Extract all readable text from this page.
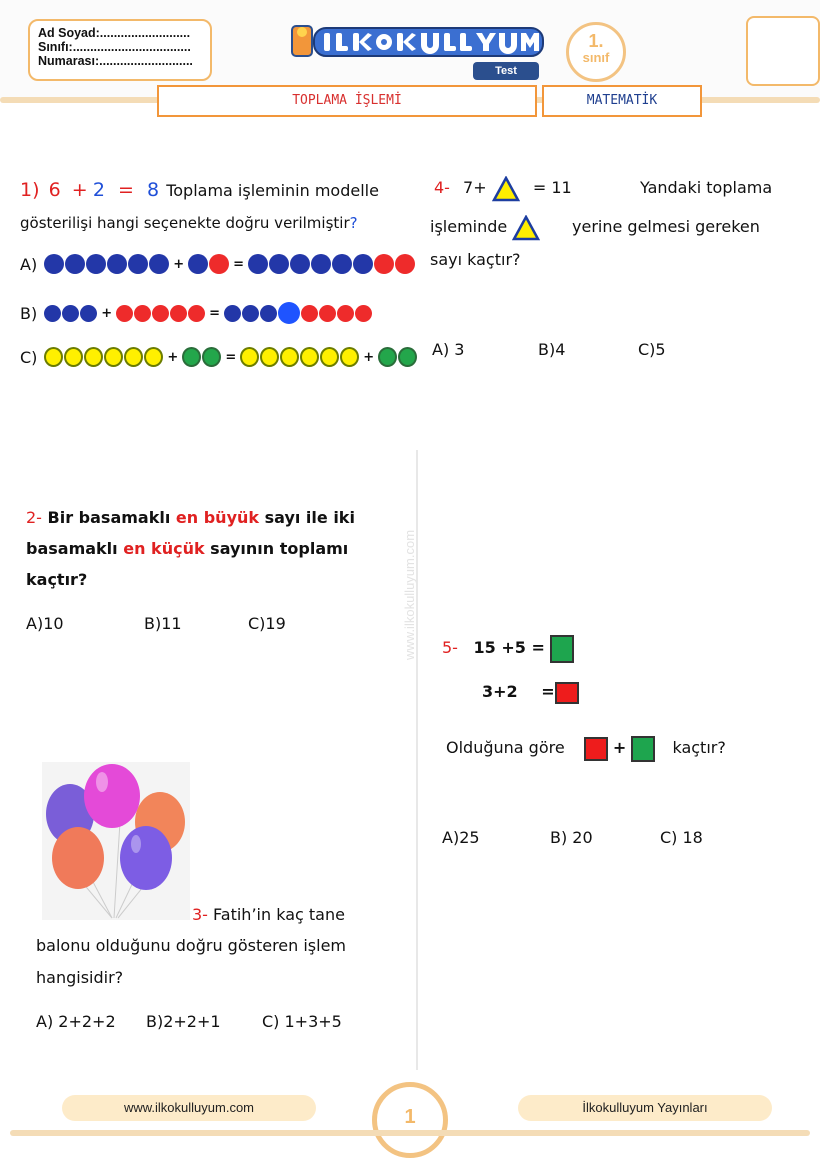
Ad Soyad:..........................
Sınıfı:..................................
Numarası:...........................
Test
1.
sınıf
TOPLAMA İŞLEMİ	MATEMATİK
www.ilkokulluyum.com
1) 6 + 2 = 8 Toplama işleminin modelle
gösterilişi hangi seçenekte doğru verilmiştir?
A)	+	=
B)	+	=
C)	+	=	+
2- Bir basamaklı en büyük sayı ile iki
basamaklı en küçük sayının toplamı
kaçtır?
A)10	B)11	C)19
3- Fatih’in kaç tane
balonu olduğunu doğru gösteren işlem
hangisidir?
A) 2+2+2 B)2+2+1	C) 1+3+5
4- 7+	= 11	Yandaki toplama
işleminde	yerine gelmesi gereken
sayı kaçtır?
A) 3	B)4	C)5
5- 15 +5 =
3+2 =
Olduğuna göre	+	kaçtır?
A)25	B) 20	C) 18
www.ilkokulluyum.com	1	İlkokulluyum Yayınları
